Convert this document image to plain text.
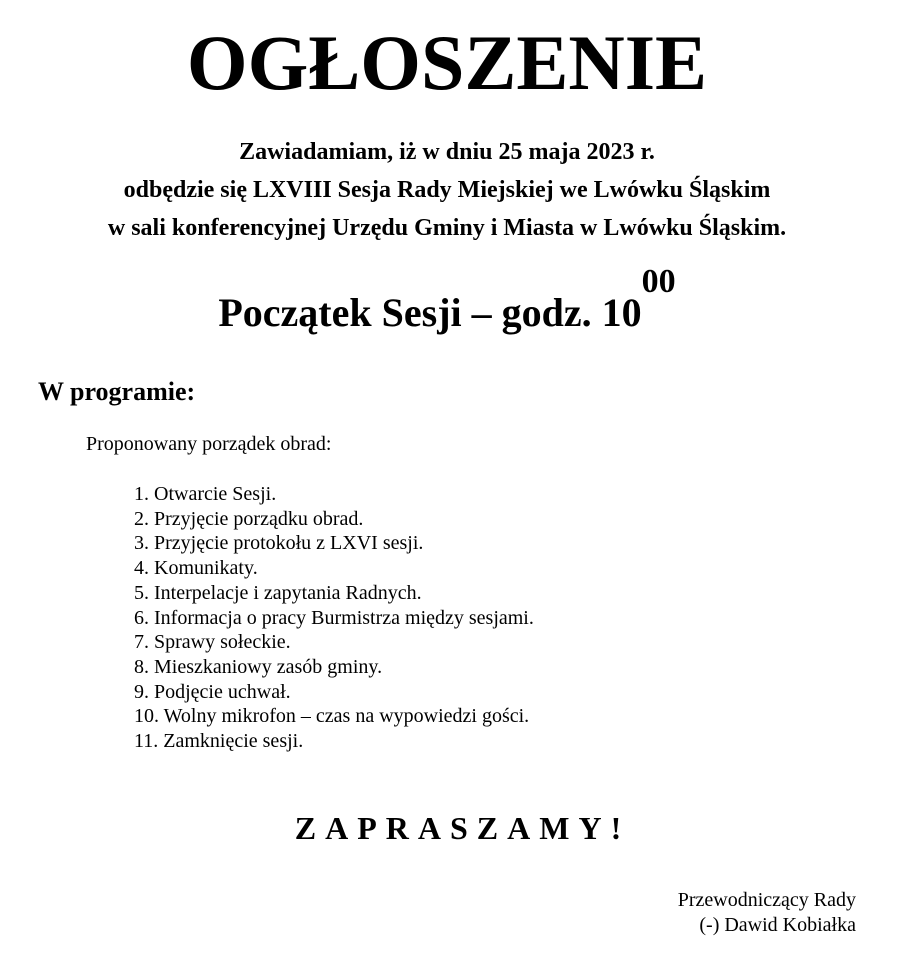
OGŁOSZENIE
Zawiadamiam, iż w dniu 25 maja 2023 r.
odbędzie się LXVIII Sesja Rady Miejskiej we Lwówku Śląskim
w sali konferencyjnej Urzędu Gminy i Miasta w Lwówku Śląskim.
Początek Sesji – godz. $10^{00}$
W programie:
Proponowany porządek obrad:
1. Otwarcie Sesji.
2. Przyjęcie porządku obrad.
3. Przyjęcie protokołu z LXVI sesji.
4. Komunikaty.
5. Interpelacje i zapytania Radnych.
6. Informacja o pracy Burmistrza między sesjami.
7. Sprawy sołeckie.
8. Mieszkaniowy zasób gminy.
9. Podjęcie uchwał.
10. Wolny mikrofon – czas na wypowiedzi gości.
11. Zamknięcie sesji.
ZAPRASZAMY!
Przewodniczący Rady
(-) Dawid Kobiałka
